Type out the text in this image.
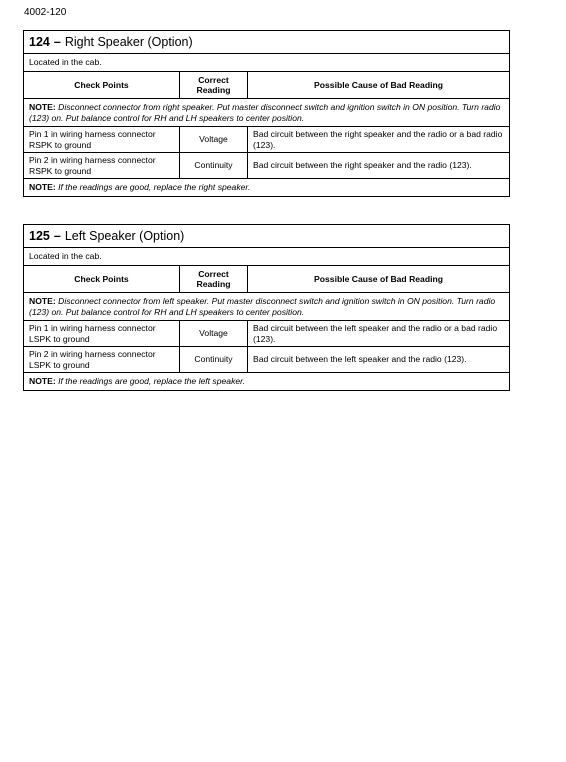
4002-120
124 – Right Speaker (Option)		
Located in the cab.		
Check Points	Correct Reading	Possible Cause of Bad Reading
NOTE: Disconnect connector from right speaker. Put master disconnect switch and ignition switch in ON position. Turn radio (123) on. Put balance control for RH and LH speakers to center position.		
Pin 1 in wiring harness connector RSPK to ground	Voltage	Bad circuit between the right speaker and the radio or a bad radio (123).
Pin 2 in wiring harness connector RSPK to ground	Continuity	Bad circuit between the right speaker and the radio (123).
NOTE: If the readings are good, replace the right speaker.		
125 – Left Speaker (Option)		
Located in the cab.		
Check Points	Correct Reading	Possible Cause of Bad Reading
NOTE: Disconnect connector from left speaker. Put master disconnect switch and ignition switch in ON position. Turn radio (123) on. Put balance control for RH and LH speakers to center position.		
Pin 1 in wiring harness connector LSPK to ground	Voltage	Bad circuit between the left speaker and the radio or a bad radio (123).
Pin 2 in wiring harness connector LSPK to ground	Continuity	Bad circuit between the left speaker and the radio (123).
NOTE: If the readings are good, replace the left speaker.		
